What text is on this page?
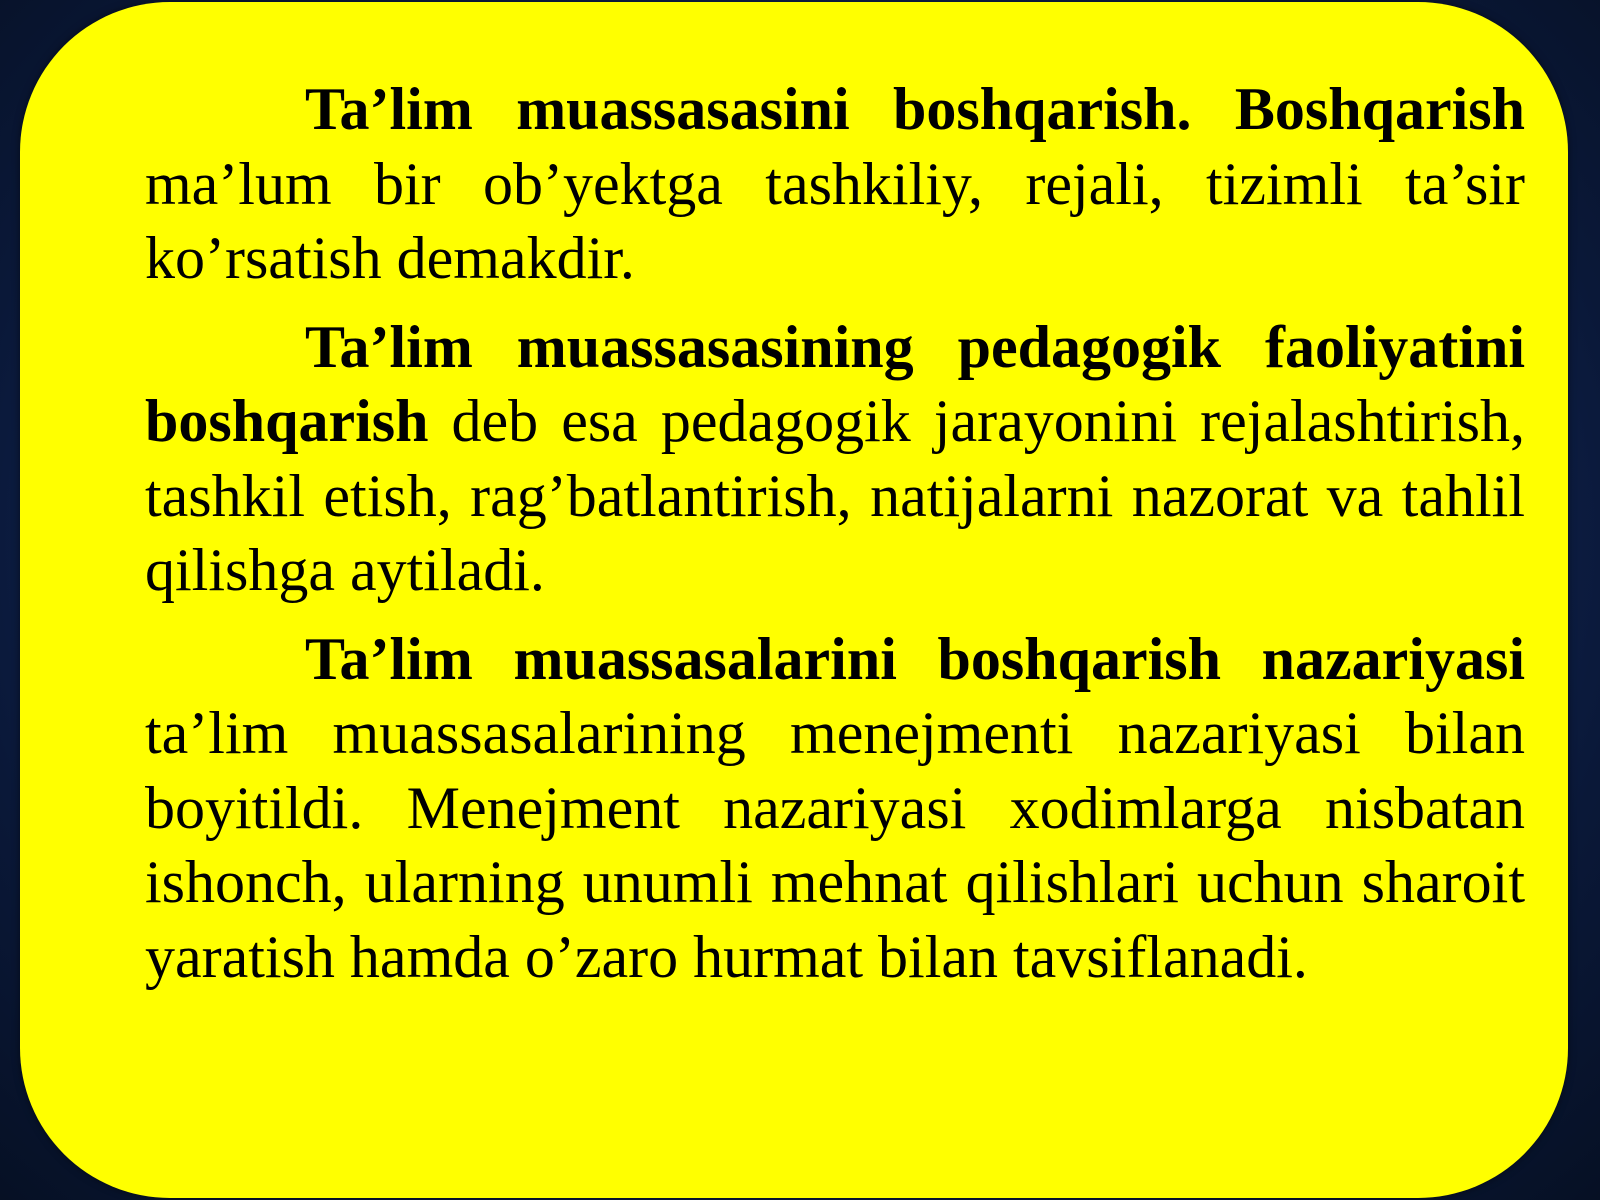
Ta’lim muassasasini boshqarish. Boshqarish ma’lum bir ob’yektga tashkiliy, rejali, tizimli ta’sir ko’rsatish demakdir.

Ta’lim muassasasining pedagogik faoliyatini boshqarish deb esa pedagogik jarayonini rejalashtirish, tashkil etish, rag’batlantirish, natijalarni nazorat va tahlil qilishga aytiladi.

Ta’lim muassasalarini boshqarish nazariyasi ta’lim muassasalarining menejmenti nazariyasi bilan boyitildi. Menejment nazariyasi xodimlarga nisbatan ishonch, ularning unumli mehnat qilishlari uchun sharoit yaratish hamda o’zaro hurmat bilan tavsiflanadi.
